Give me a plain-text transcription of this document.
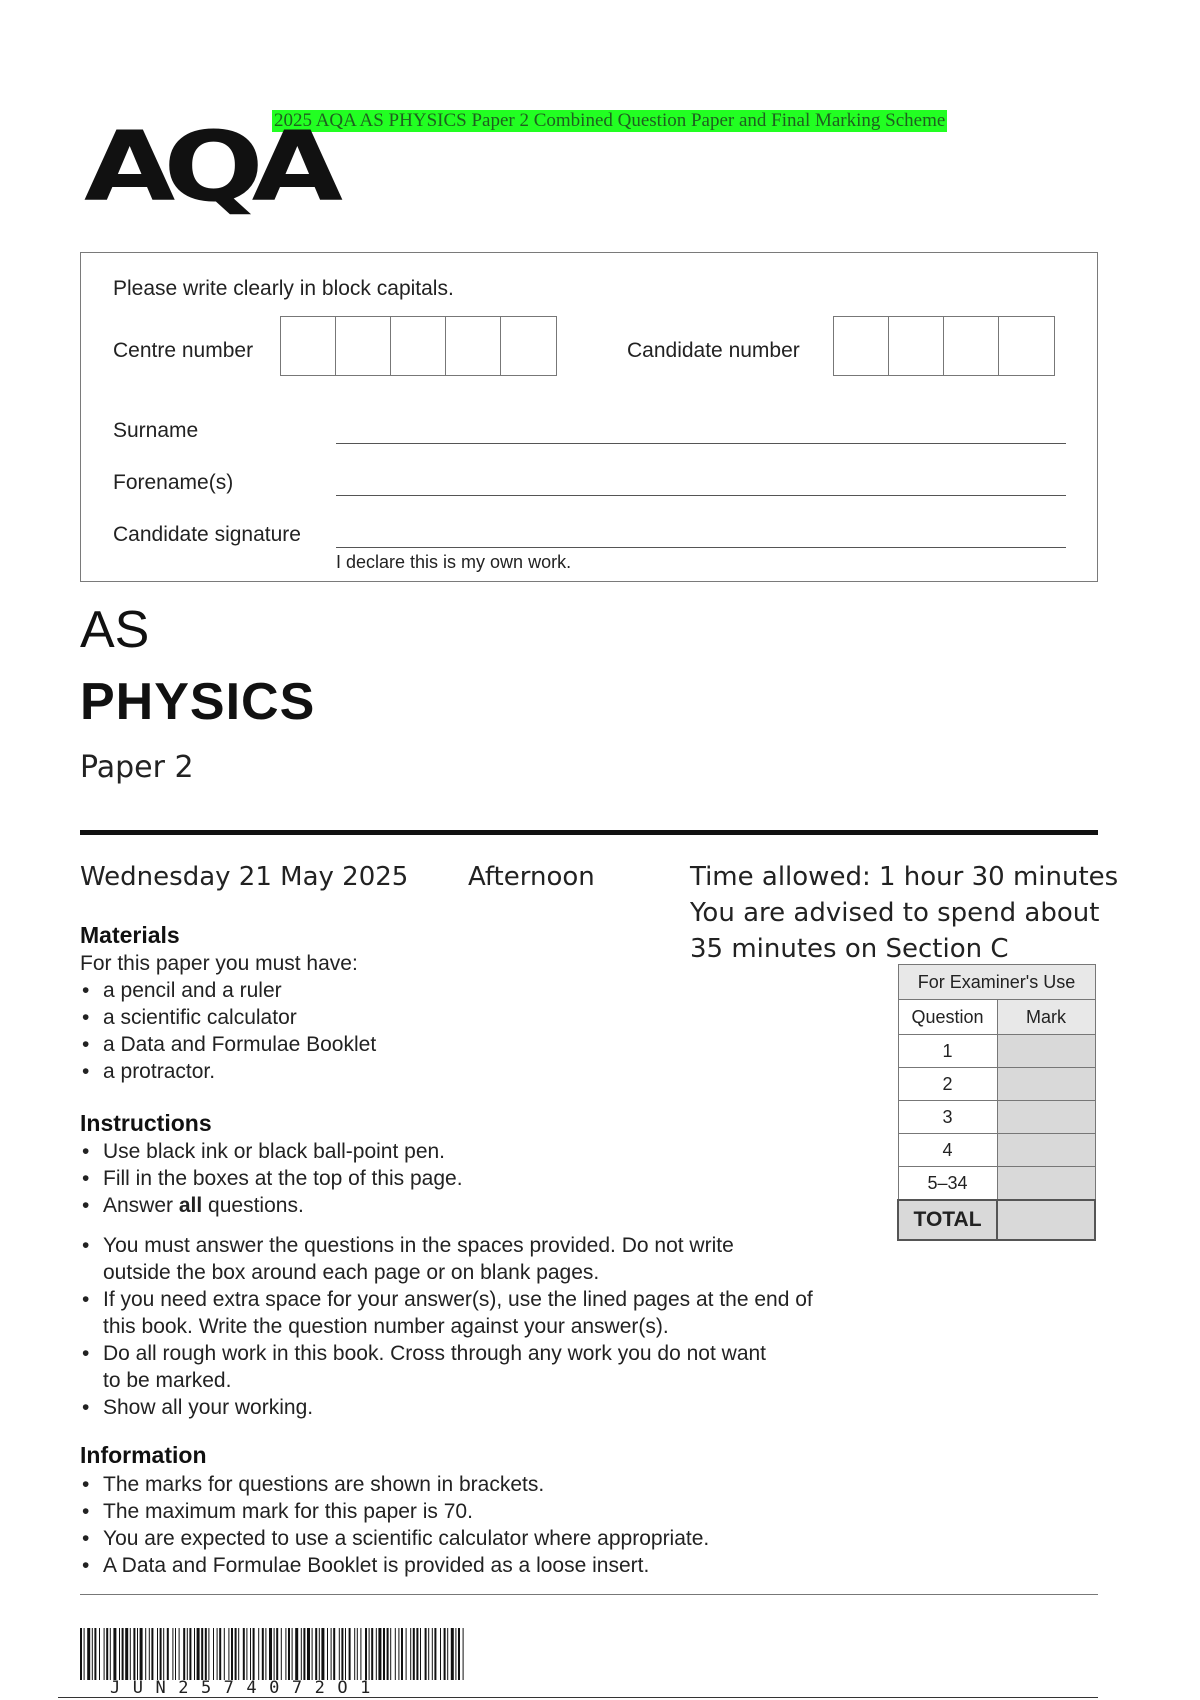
2025 AQA AS PHYSICS Paper 2 Combined Question Paper and Final Marking Scheme
AQA
Please write clearly in block capitals.
Centre number	Candidate number
Surname
Forename(s)
Candidate signature
I declare this is my own work.
AS
PHYSICS
Paper 2
Wednesday 21 May 2025 Afternoon	Time allowed: 1 hour 30 minutes
You are advised to spend about
35 minutes on Section C
Materials
For this paper you must have:
• a pencil and a ruler
• a scientific calculator
• a Data and Formulae Booklet
• a protractor.
Instructions
• Use black ink or black ball-point pen.
• Fill in the boxes at the top of this page.
• Answer all questions.
• You must answer the questions in the spaces provided. Do not write
outside the box around each page or on blank pages.
• If you need extra space for your answer(s), use the lined pages at the end of
this book. Write the question number against your answer(s).
• Do all rough work in this book. Cross through any work you do not want
to be marked.
• Show all your working.
Information
• The marks for questions are shown in brackets.
• The maximum mark for this paper is 70.
• You are expected to use a scientific calculator where appropriate.
• A Data and Formulae Booklet is provided as a loose insert.
For Examiner's Use	
Question	Mark
1	
2	
3	
4	
5–34	
TOTAL	
JUN2574072O1
